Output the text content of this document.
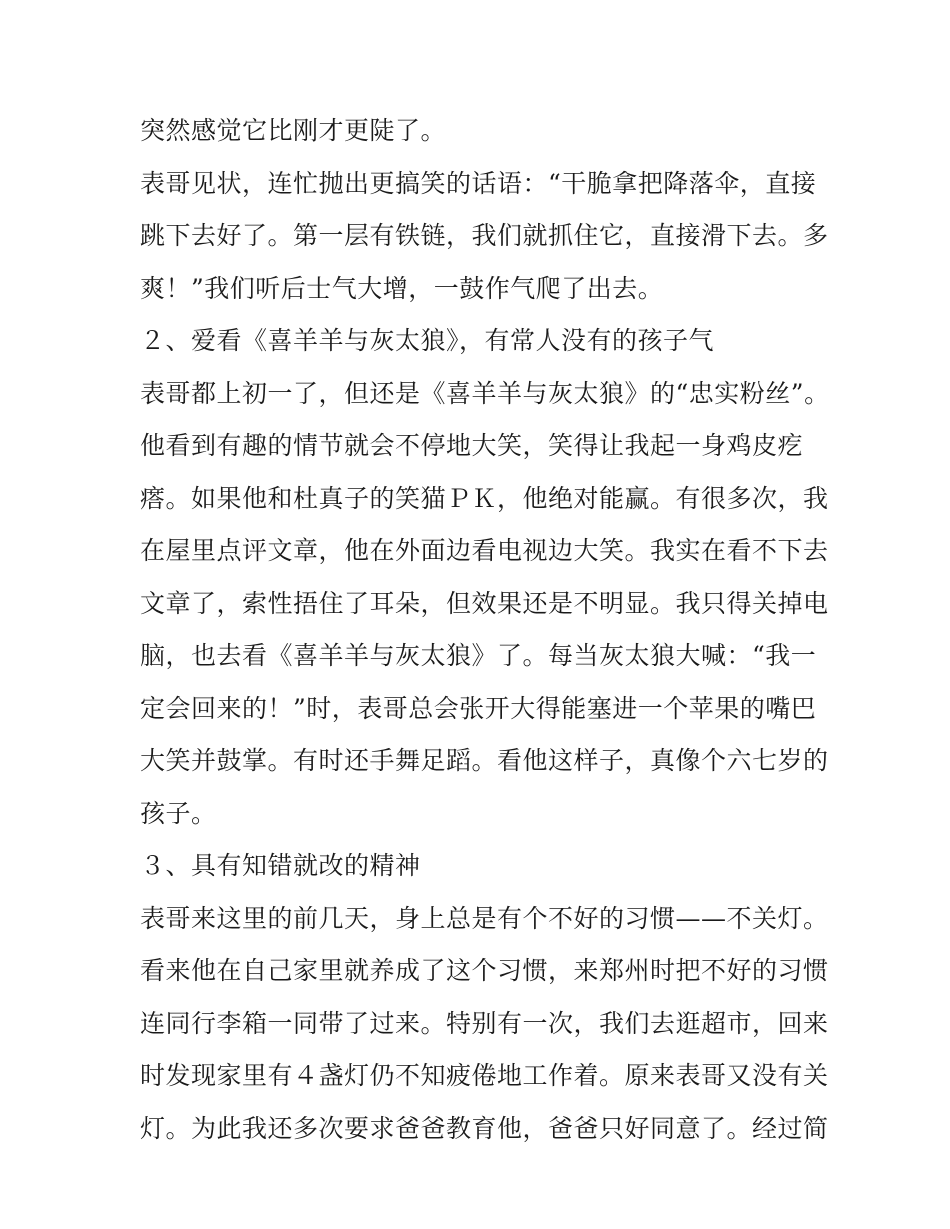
突然感觉它比刚才更陡了。
表哥见状，连忙抛出更搞笑的话语：“干脆拿把降落伞，直接
跳下去好了。第一层有铁链，我们就抓住它，直接滑下去。多
爽！”我们听后士气大增，一鼓作气爬了出去。
２、爱看《喜羊羊与灰太狼》，有常人没有的孩子气
表哥都上初一了，但还是《喜羊羊与灰太狼》的“忠实粉丝”。
他看到有趣的情节就会不停地大笑，笑得让我起一身鸡皮疙
瘩。如果他和杜真子的笑猫ＰＫ，他绝对能赢。有很多次，我
在屋里点评文章，他在外面边看电视边大笑。我实在看不下去
文章了，索性捂住了耳朵，但效果还是不明显。我只得关掉电
脑，也去看《喜羊羊与灰太狼》了。每当灰太狼大喊：“我一
定会回来的！”时，表哥总会张开大得能塞进一个苹果的嘴巴
大笑并鼓掌。有时还手舞足蹈。看他这样子，真像个六七岁的
孩子。
３、具有知错就改的精神
表哥来这里的前几天，身上总是有个不好的习惯——不关灯。
看来他在自己家里就养成了这个习惯，来郑州时把不好的习惯
连同行李箱一同带了过来。特别有一次，我们去逛超市，回来
时发现家里有４盏灯仍不知疲倦地工作着。原来表哥又没有关
灯。为此我还多次要求爸爸教育他，爸爸只好同意了。经过简
